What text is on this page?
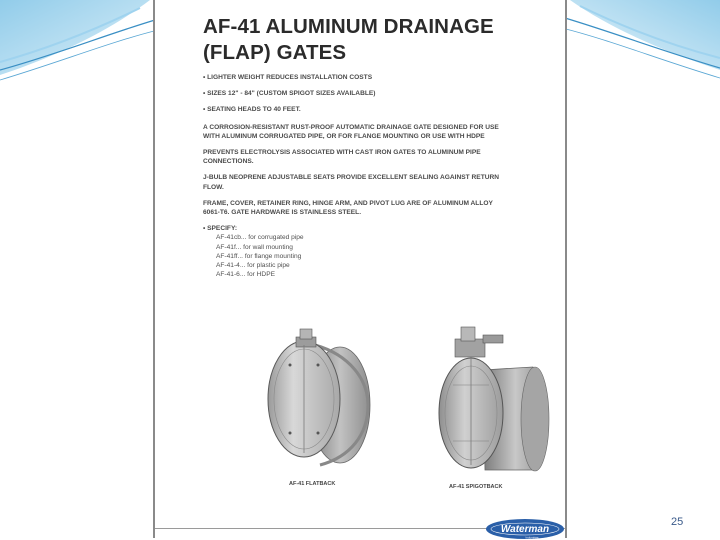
AF-41 ALUMINUM DRAINAGE
(FLAP) GATES
• LIGHTER WEIGHT REDUCES INSTALLATION COSTS
• SIZES 12" - 84" (CUSTOM SPIGOT SIZES AVAILABLE)
• SEATING HEADS TO 40 FEET.
A CORROSION-RESISTANT RUST-PROOF AUTOMATIC DRAINAGE GATE DESIGNED FOR USE
WITH ALUMINUM CORRUGATED PIPE, OR FOR FLANGE MOUNTING OR USE WITH HDPE
PREVENTS ELECTROLYSIS ASSOCIATED WITH CAST IRON GATES TO ALUMINUM PIPE
CONNECTIONS.
J-BULB NEOPRENE ADJUSTABLE SEATS PROVIDE EXCELLENT SEALING AGAINST RETURN
FLOW.
FRAME, COVER, RETAINER RING, HINGE ARM, AND PIVOT LUG ARE OF ALUMINUM ALLOY
6061-T6. GATE HARDWARE IS STAINLESS STEEL.
• SPECIFY:
AF-41cb... for corrugated pipe
AF-41f... for wall mounting
AF-41ff... for flange mounting
AF-41-4... for plastic pipe
AF-41-6... for HDPE
AF-41 FLATBACK	AF-41 SPIGOTBACK
Waterman
Industries
25
